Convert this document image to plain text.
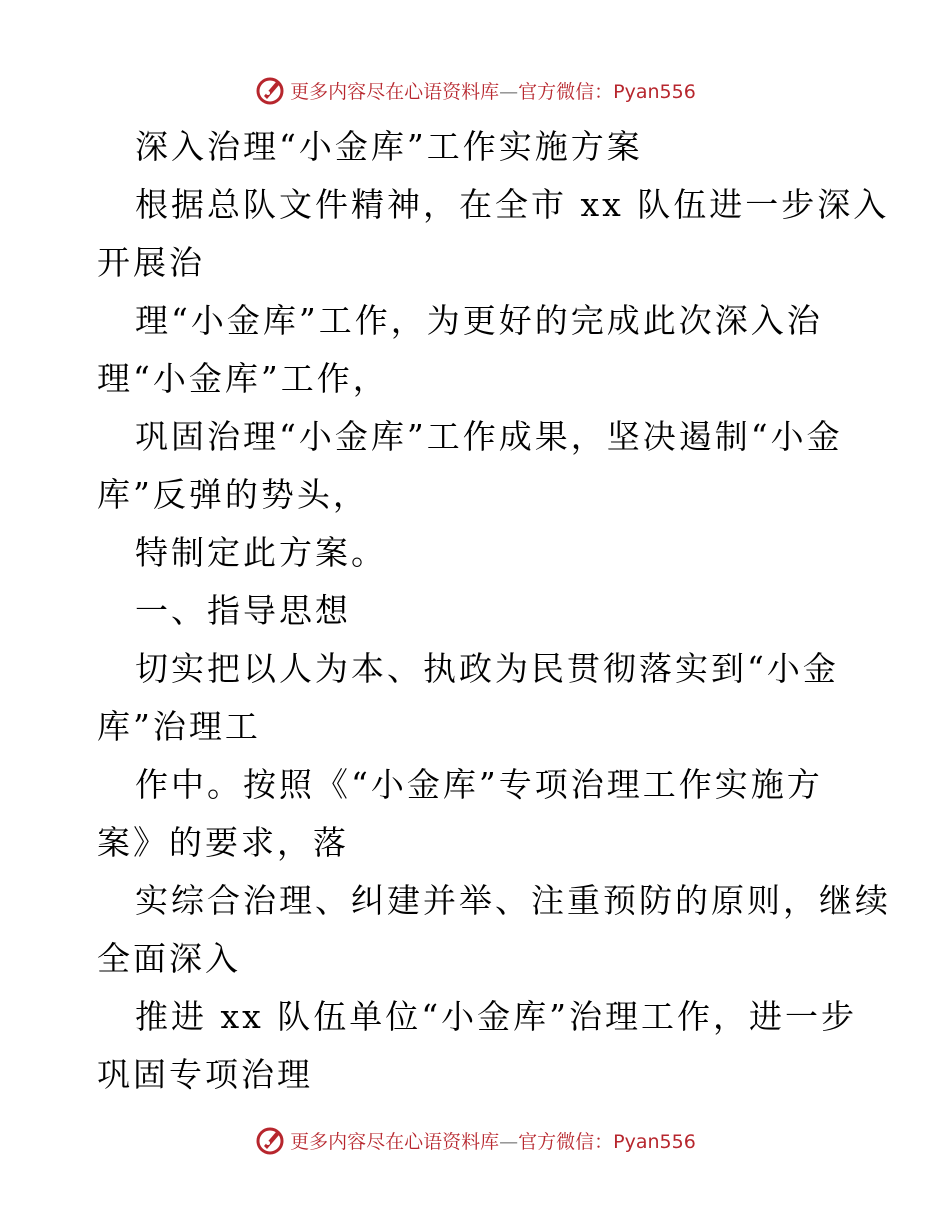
更多内容尽在心语资料库—官方微信：Pyan556
深入治理“小金库”工作实施方案
根据总队文件精神，在全市 xx 队伍进一步深入
开展治
理“小金库”工作，为更好的完成此次深入治
理“小金库”工作，
巩固治理“小金库”工作成果，坚决遏制“小金
库”反弹的势头，
特制定此方案。
一、指导思想
切实把以人为本、执政为民贯彻落实到“小金
库”治理工
作中。按照《“小金库”专项治理工作实施方
案》的要求，落
实综合治理、纠建并举、注重预防的原则，继续
全面深入
推进 xx 队伍单位“小金库”治理工作，进一步
巩固专项治理
更多内容尽在心语资料库—官方微信：Pyan556
